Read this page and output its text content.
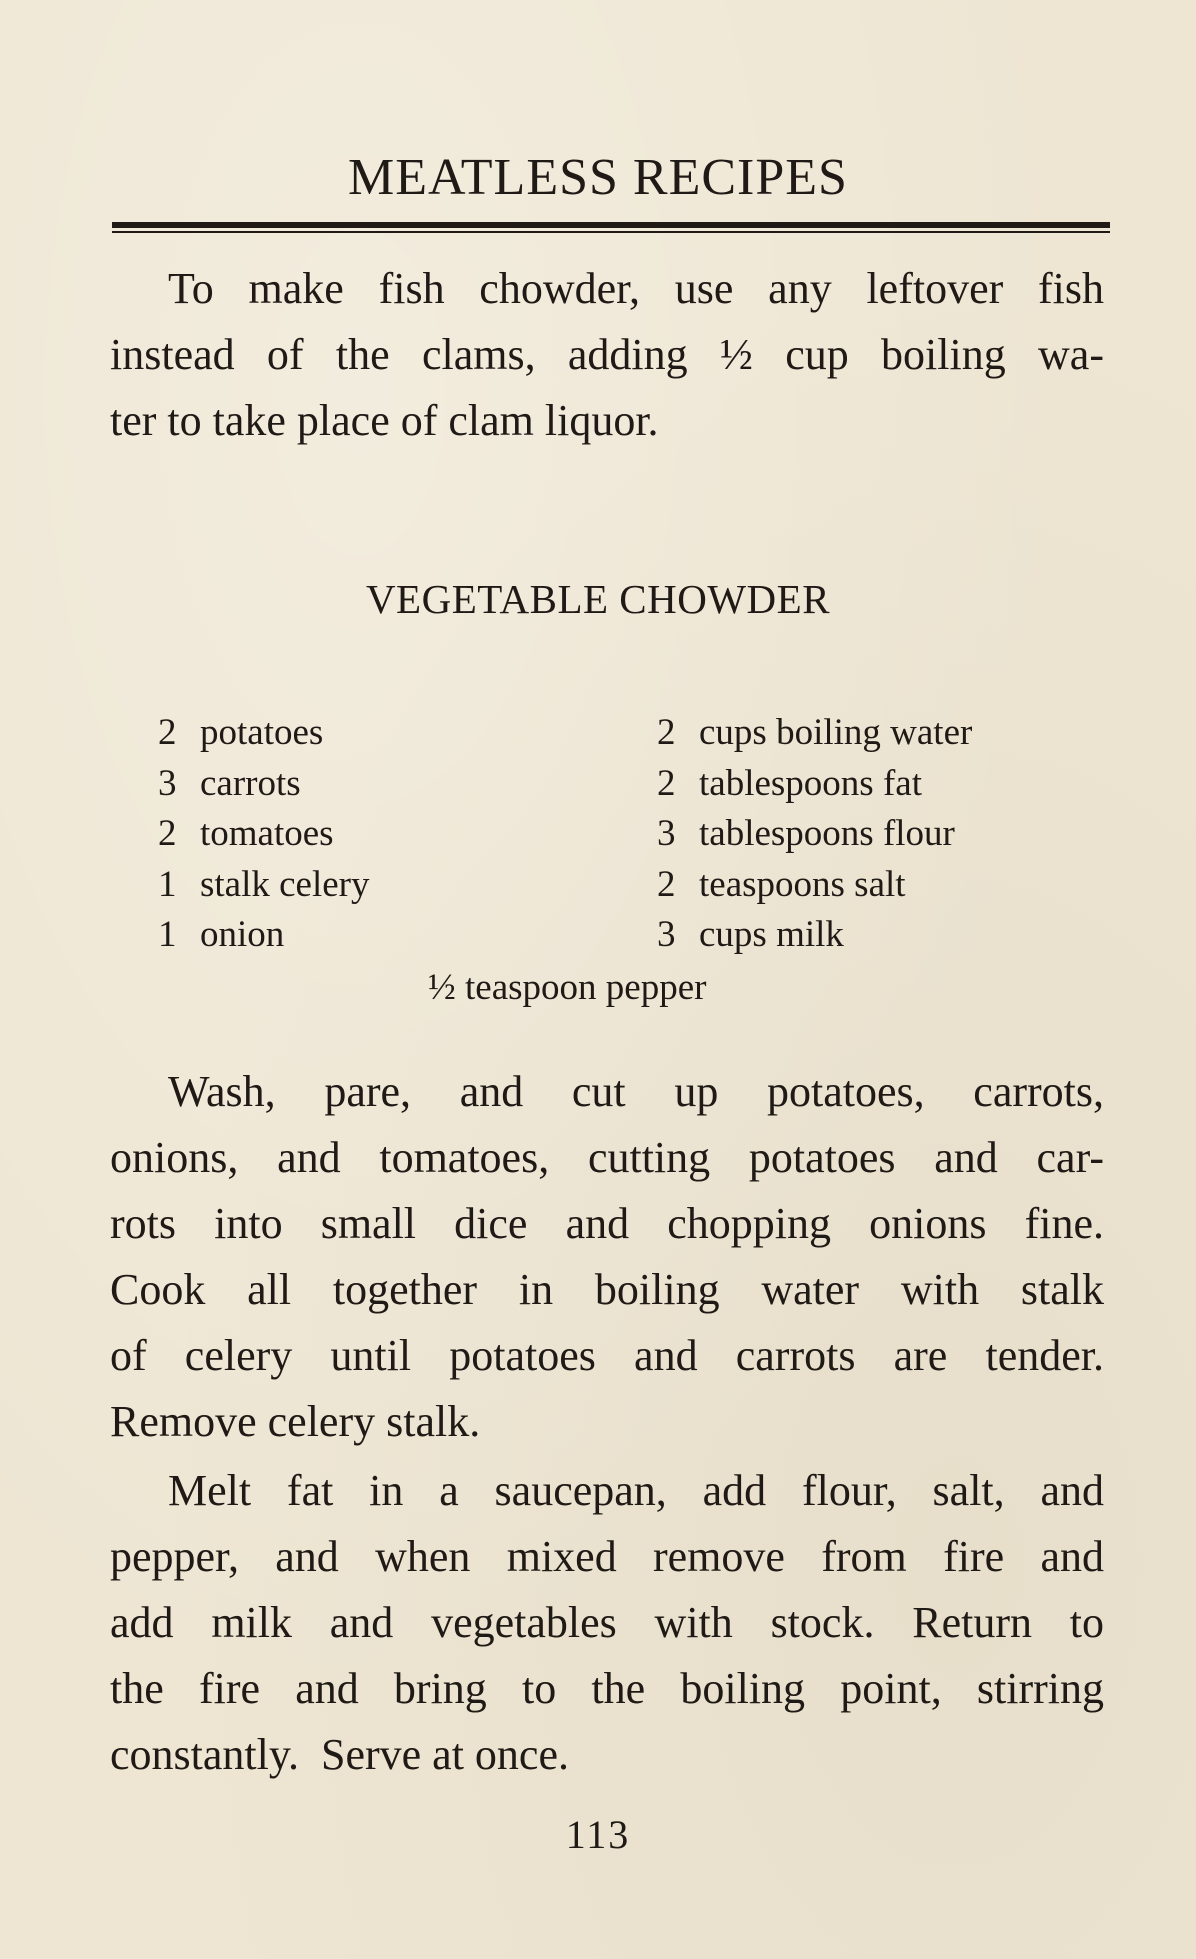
MEATLESS RECIPES
To make fish chowder, use any leftover fish
instead of the clams, adding ½ cup boiling wa-
ter to take place of clam liquor.
VEGETABLE CHOWDER
2 potatoes
3 carrots
2 tomatoes
1 stalk celery
1 onion
2 cups boiling water
2 tablespoons fat
3 tablespoons flour
2 teaspoons salt
3 cups milk
½ teaspoon pepper
Wash, pare, and cut up potatoes, carrots,
onions, and tomatoes, cutting potatoes and car-
rots into small dice and chopping onions fine.
Cook all together in boiling water with stalk
of celery until potatoes and carrots are tender.
Remove celery stalk.
Melt fat in a saucepan, add flour, salt, and
pepper, and when mixed remove from fire and
add milk and vegetables with stock. Return to
the fire and bring to the boiling point, stirring
constantly.  Serve at once.
113
